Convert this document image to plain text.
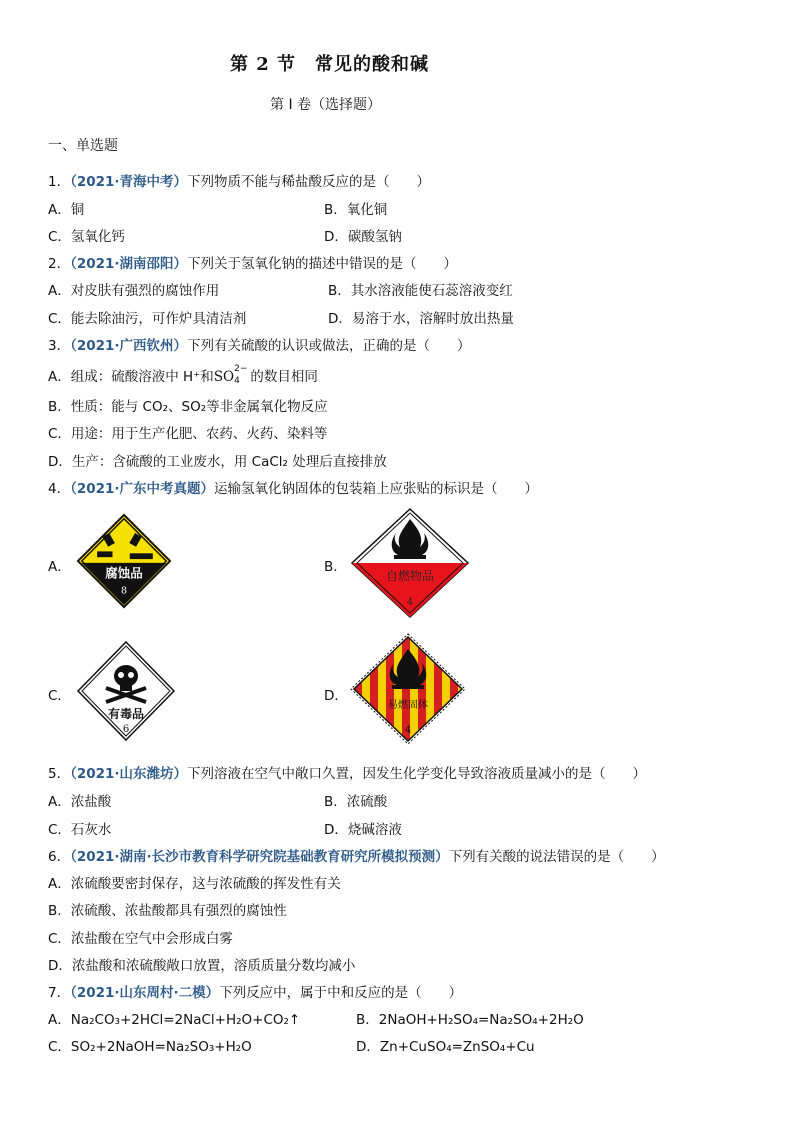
第 2 节　常见的酸和碱
第 I 卷（选择题）
一、单选题
1．（2021·青海中考）下列物质不能与稀盐酸反应的是（　　）
A．铜	B．氧化铜
C．氢氧化钙	D．碳酸氢钠
2．（2021·湖南邵阳）下列关于氢氧化钠的描述中错误的是（　　）
A．对皮肤有强烈的腐蚀作用	B．其水溶液能使石蕊溶液变红
C．能去除油污，可作炉具清洁剂	D．易溶于水，溶解时放出热量
3．（2021·广西钦州）下列有关硫酸的认识或做法，正确的是（　　）
A．组成：硫酸溶液中 H⁺和SO 2−
4 的数目相同
B．性质：能与 CO₂、SO₂等非金属氧化物反应
C．用途：用于生产化肥、农药、火药、染料等
D．生产：含硫酸的工业废水，用 CaCl₂ 处理后直接排放
4．（2021·广东中考真题）运输氢氧化钠固体的包装箱上应张贴的标识是（　　）
A．	B．
C．	D．
腐蚀品
8
自燃物品
4
有毒品
6
易燃固体
4
5．（2021·山东潍坊）下列溶液在空气中敞口久置，因发生化学变化导致溶液质量减小的是（　　）
A．浓盐酸	B．浓硫酸
C．石灰水	D．烧碱溶液
6．（2021·湖南·长沙市教育科学研究院基础教育研究所模拟预测）下列有关酸的说法错误的是（　　）
A．浓硫酸要密封保存，这与浓硫酸的挥发性有关
B．浓硫酸、浓盐酸都具有强烈的腐蚀性
C．浓盐酸在空气中会形成白雾
D．浓盐酸和浓硫酸敞口放置，溶质质量分数均减小
7．（2021·山东周村·二模）下列反应中，属于中和反应的是（　　）
A．Na₂CO₃+2HCl=2NaCl+H₂O+CO₂↑	B．2NaOH+H₂SO₄=Na₂SO₄+2H₂O
C．SO₂+2NaOH=Na₂SO₃+H₂O	D．Zn+CuSO₄=ZnSO₄+Cu
